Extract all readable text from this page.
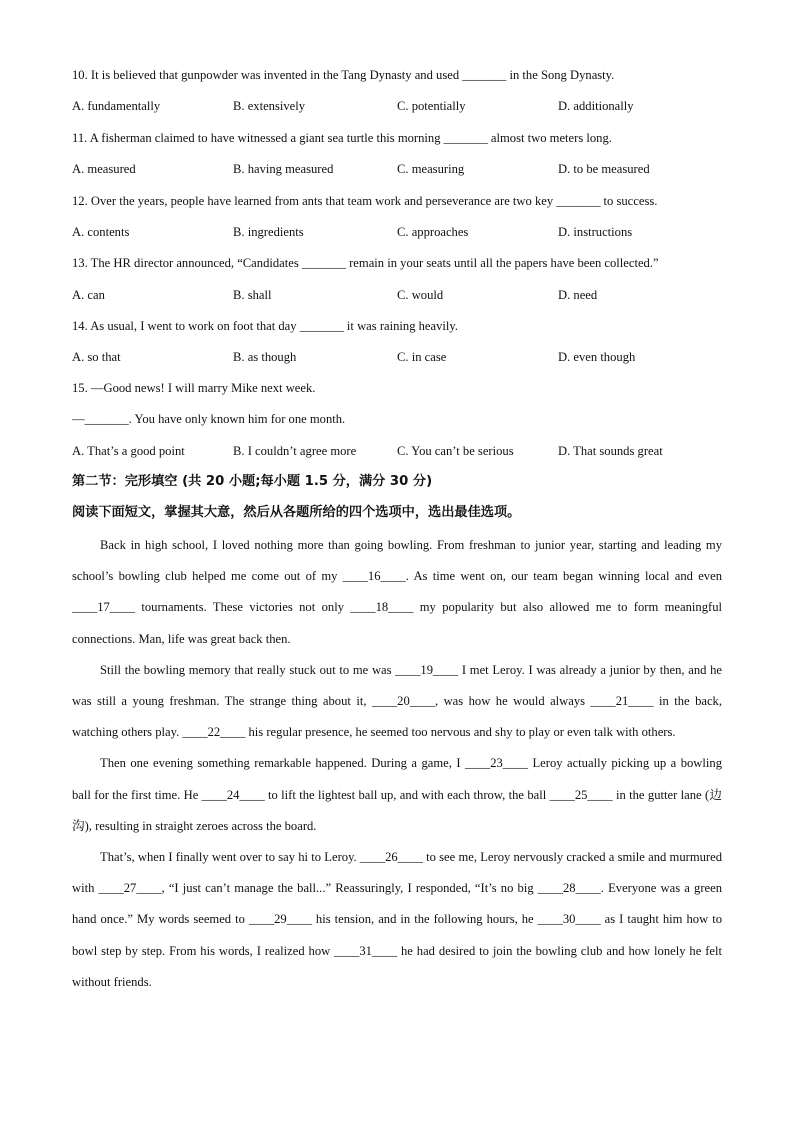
10. It is believed that gunpowder was invented in the Tang Dynasty and used _______ in the Song Dynasty.
A. fundamentally	B. extensively	C. potentially	D. additionally
11. A fisherman claimed to have witnessed a giant sea turtle this morning _______ almost two meters long.
A. measured	B. having measured	C. measuring	D. to be measured
12. Over the years, people have learned from ants that team work and perseverance are two key _______ to success.
A. contents	B. ingredients	C. approaches	D. instructions
13. The HR director announced, “Candidates _______ remain in your seats until all the papers have been collected.”
A. can	B. shall	C. would	D. need
14. As usual, I went to work on foot that day _______ it was raining heavily.
A. so that	B. as though	C. in case	D. even though
15. —Good news! I will marry Mike next week.
—_______. You have only known him for one month.
A. That’s a good point	B. I couldn’t agree more	C. You can’t be serious	D. That sounds great
第二节：完形填空 (共 20 小题;每小题 1.5 分，满分 30 分)
阅读下面短文，掌握其大意，然后从各题所给的四个选项中，选出最佳选项。

Back in high school, I loved nothing more than going bowling. From freshman to junior year, starting and leading my school’s bowling club helped me come out of my ____16____. As time went on, our team began winning local and even ____17____ tournaments. These victories not only ____18____ my popularity but also allowed me to form meaningful connections. Man, life was great back then.

Still the bowling memory that really stuck out to me was ____19____ I met Leroy. I was already a junior by then, and he was still a young freshman. The strange thing about it, ____20____, was how he would always ____21____ in the back, watching others play. ____22____ his regular presence, he seemed too nervous and shy to play or even talk with others.

Then one evening something remarkable happened. During a game, I ____23____ Leroy actually picking up a bowling ball for the first time. He ____24____ to lift the lightest ball up, and with each throw, the ball ____25____ in the gutter lane (边沟), resulting in straight zeroes across the board.

That’s, when I finally went over to say hi to Leroy. ____26____ to see me, Leroy nervously cracked a smile and murmured with ____27____, “I just can’t manage the ball...” Reassuringly, I responded, “It’s no big ____28____. Everyone was a green hand once.” My words seemed to ____29____ his tension, and in the following hours, he ____30____ as I taught him how to bowl step by step. From his words, I realized how ____31____ he had desired to join the bowling club and how lonely he felt without friends.
